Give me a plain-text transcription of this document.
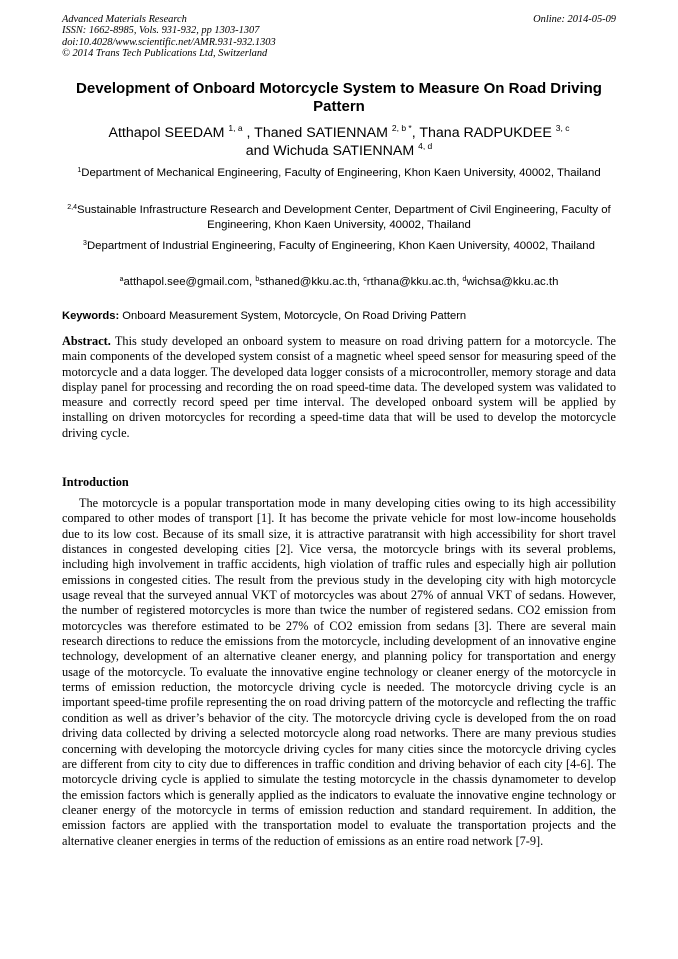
Advanced Materials Research
ISSN: 1662-8985, Vols. 931-932, pp 1303-1307
doi:10.4028/www.scientific.net/AMR.931-932.1303
© 2014 Trans Tech Publications Ltd, Switzerland
Online: 2014-05-09
Development of Onboard Motorcycle System to Measure On Road Driving Pattern
Atthapol SEEDAM $^{1, a}$ , Thaned SATIENNAM $^{2, b *}$, Thana RADPUKDEE $^{3, c}$
and Wichuda SATIENNAM $^{4, d}$
$^1$Department of Mechanical Engineering, Faculty of Engineering, Khon Kaen University, 40002, Thailand
$^{2,4}$Sustainable Infrastructure Research and Development Center, Department of Civil Engineering, Faculty of Engineering, Khon Kaen University, 40002, Thailand
$^3$Department of Industrial Engineering, Faculty of Engineering, Khon Kaen University, 40002, Thailand
$^a$atthapol.see@gmail.com, $^b$sthaned@kku.ac.th, $^c$rthana@kku.ac.th, $^d$wichsa@kku.ac.th
Keywords: Onboard Measurement System, Motorcycle, On Road Driving Pattern
Abstract. This study developed an onboard system to measure on road driving pattern for a motorcycle. The main components of the developed system consist of a magnetic wheel speed sensor for measuring speed of the motorcycle and a data logger. The developed data logger consists of a microcontroller, memory storage and data display panel for processing and recording the on road speed-time data. The developed system was validated to measure and correctly record speed per time interval. The developed onboard system will be applied by installing on driven motorcycles for recording a speed-time data that will be used to develop the motorcycle driving cycle.
Introduction
The motorcycle is a popular transportation mode in many developing cities owing to its high accessibility compared to other modes of transport [1]. It has become the private vehicle for most low-income households due to its low cost. Because of its small size, it is attractive paratransit with high accessibility for short travel distances in congested developing cities [2]. Vice versa, the motorcycle brings with its several problems, including high involvement in traffic accidents, high violation of traffic rules and especially high air pollution emissions in congested cities. The result from the previous study in the developing city with high motorcycle usage reveal that the surveyed annual VKT of motorcycles was about 27% of annual VKT of sedans. However, the number of registered motorcycles is more than twice the number of registered sedans. CO2 emission from motorcycles was therefore estimated to be 27% of CO2 emission from sedans [3]. There are several main research directions to reduce the emissions from the motorcycle, including development of an innovative engine technology, development of an alternative cleaner energy, and planning policy for transportation and energy usage of the motorcycle. To evaluate the innovative engine technology or cleaner energy of the motorcycle in terms of emission reduction, the motorcycle driving cycle is needed. The motorcycle driving cycle is an important speed-time profile representing the on road driving pattern of the motorcycle and reflecting the traffic condition as well as driver’s behavior of the city. The motorcycle driving cycle is developed from the on road driving data collected by driving a selected motorcycle along road networks. There are many previous studies concerning with developing the motorcycle driving cycles for many cities since the motorcycle driving cycles are different from city to city due to differences in traffic condition and driving behavior of each city [4-6]. The motorcycle driving cycle is applied to simulate the testing motorcycle in the chassis dynamometer to develop the emission factors which is generally applied as the indicators to evaluate the innovative engine technology or cleaner energy of the motorcycle in terms of emission reduction and standard requirement. In addition, the emission factors are applied with the transportation model to evaluate the transportation projects and the alternative cleaner energies in terms of the reduction of emissions as an entire road network [7-9].
